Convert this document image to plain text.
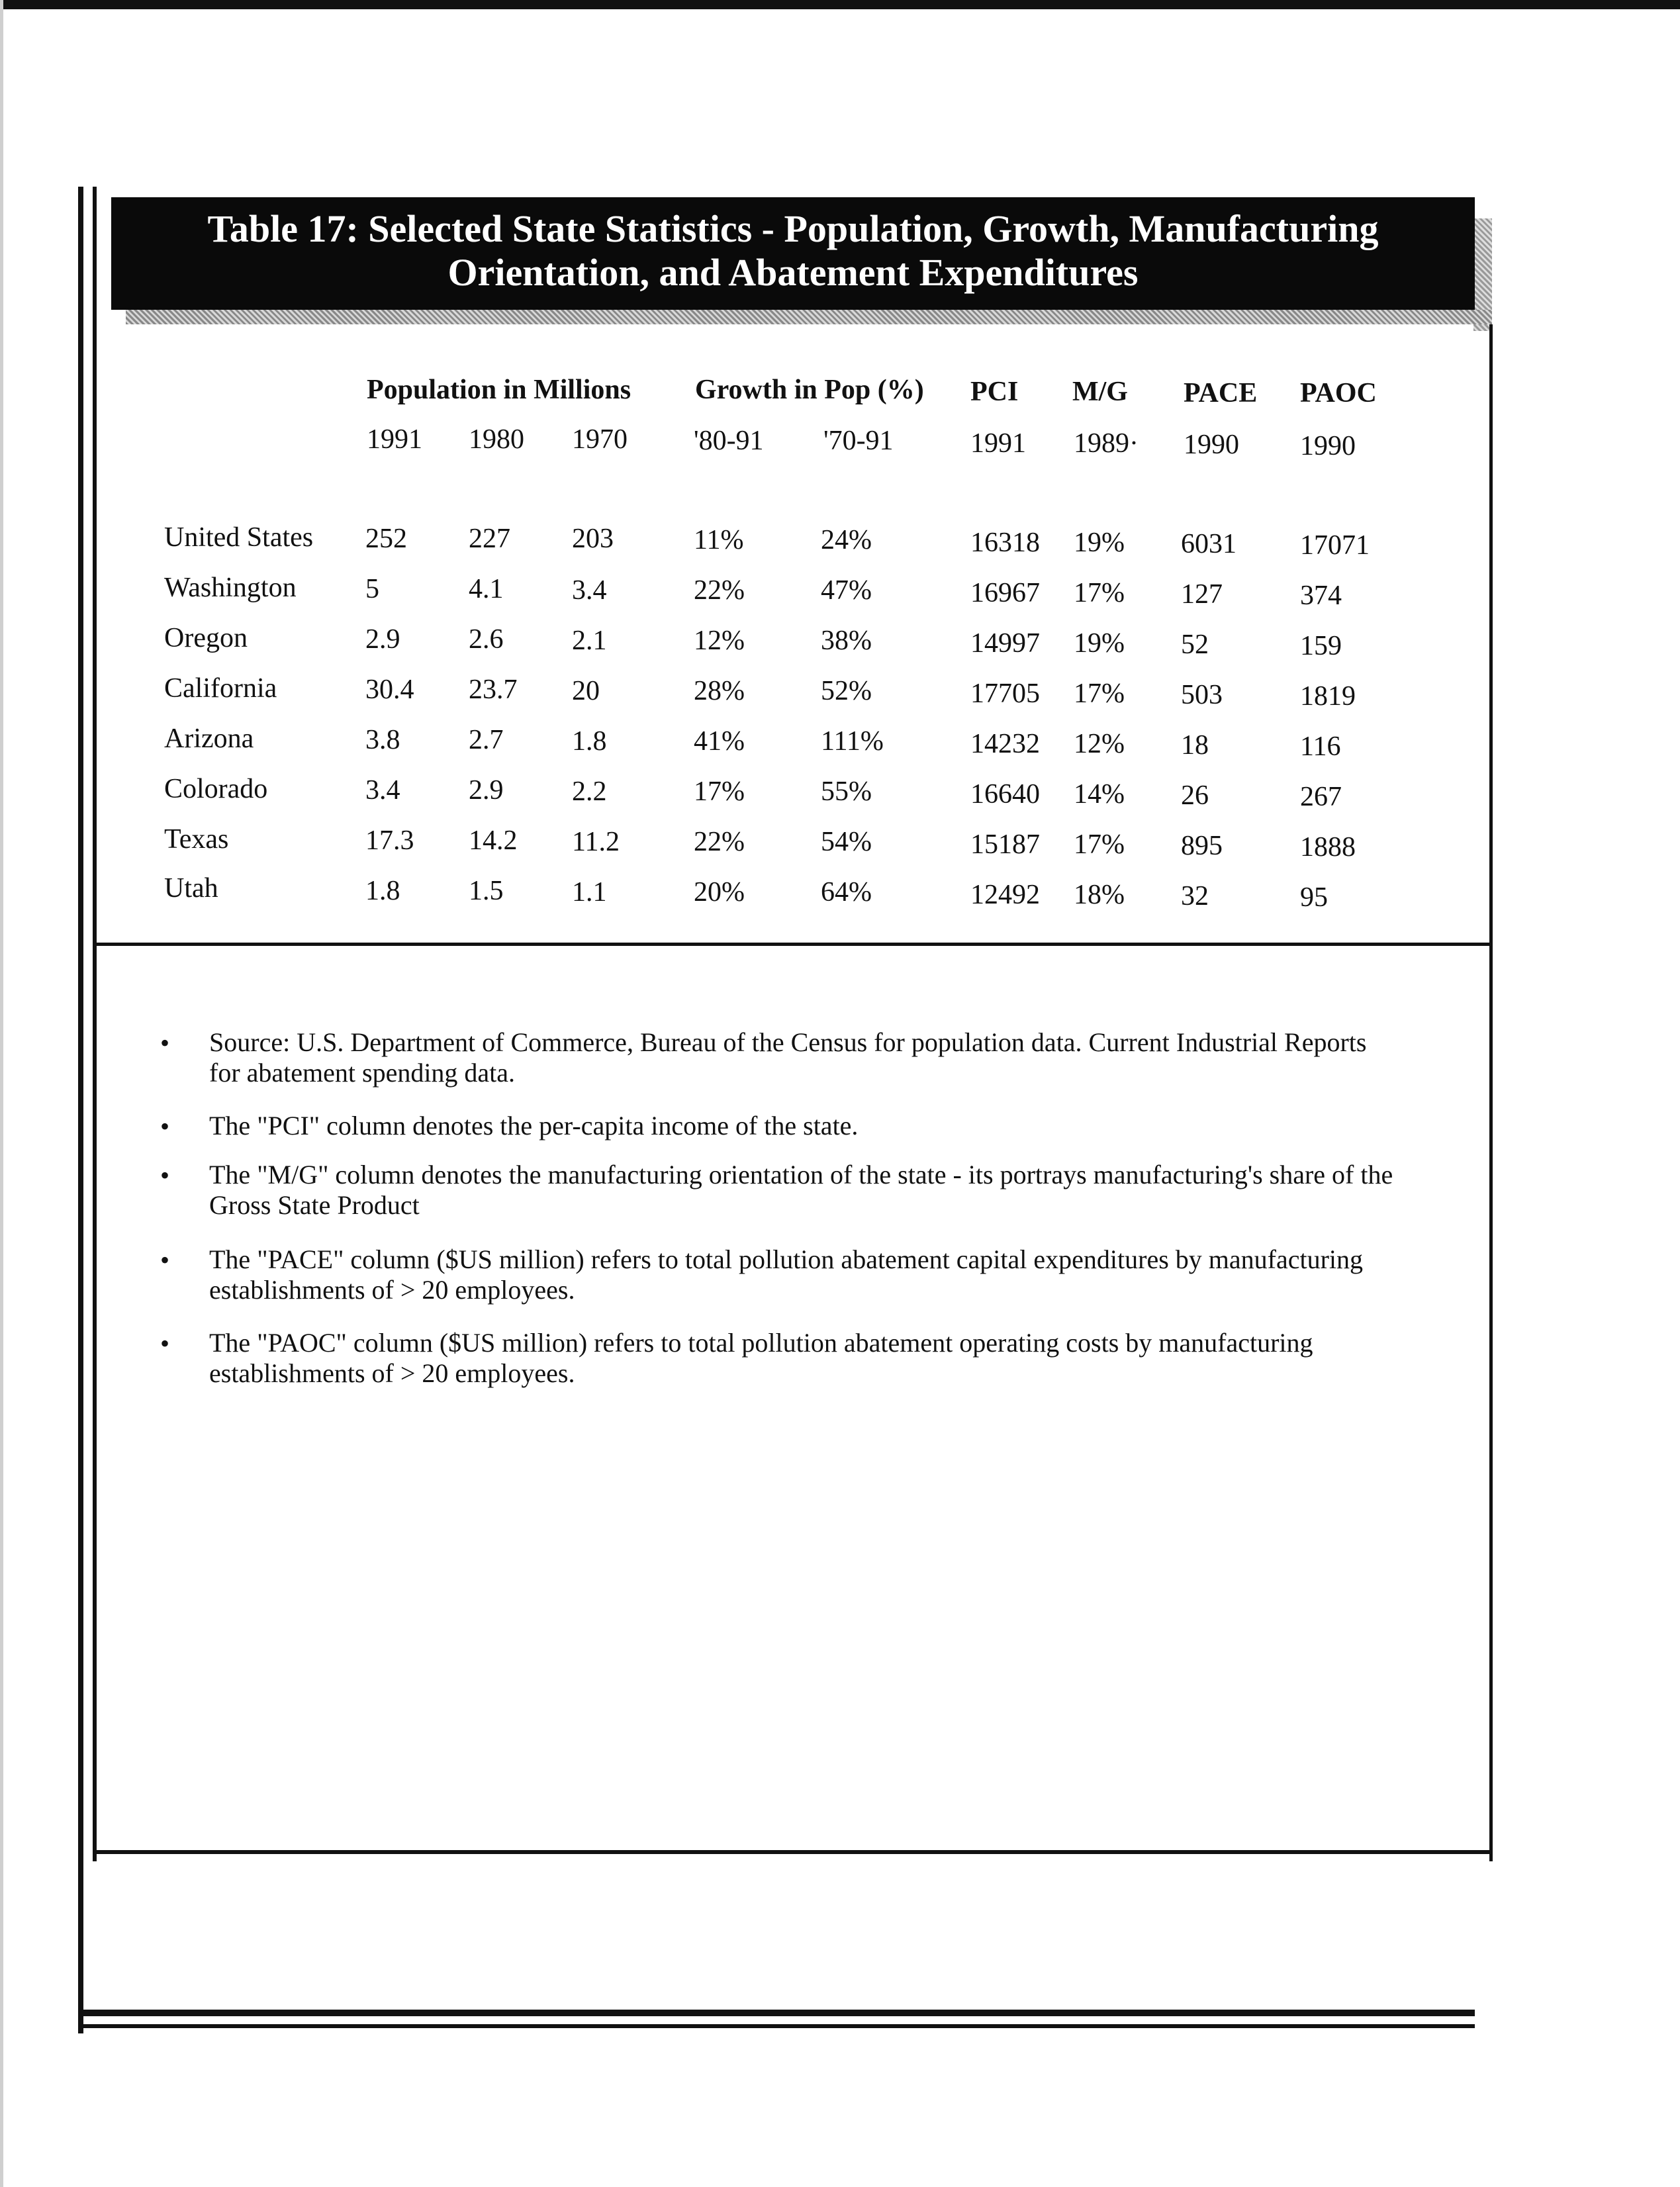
Table 17: Selected State Statistics - Population, Growth, Manufacturing
Orientation, and Abatement Expenditures
Population in Millions Growth in Pop (%) PCI M/G PACE PAOC
1991 1980 1970 '80-91 '70-91	1991 1989· 1990 1990
United States 252 227 203	11%	24%	16318 19% 6031 17071
Washington 5	4.1 3.4	22%	47%	16967 17% 127	374
Oregon	2.9 2.6 2.1	12%	38%	14997 19% 52	159
California	30.4 23.7 20	28%	52%	17705 17% 503	1819
Arizona	3.8 2.7 1.8	41%	111%	14232 12% 18	116
Colorado	3.4 2.9 2.2	17%	55%	16640 14% 26	267
Texas	17.3 14.2 11.2	22%	54%	15187 17% 895	1888
Utah	1.8 1.5 1.1	20%	64%	12492 18% 32	95
• Source: U.S. Department of Commerce, Bureau of the Census for population data. Current Industrial Reports for abatement spending data.
• The "PCI" column denotes the per-capita income of the state.
• The "M/G" column denotes the manufacturing orientation of the state - its portrays manufacturing's share of the Gross State Product
• The "PACE" column ($US million) refers to total pollution abatement capital expenditures by manufacturing establishments of > 20 employees.
• The "PAOC" column ($US million) refers to total pollution abatement operating costs by manufacturing establishments of > 20 employees.
